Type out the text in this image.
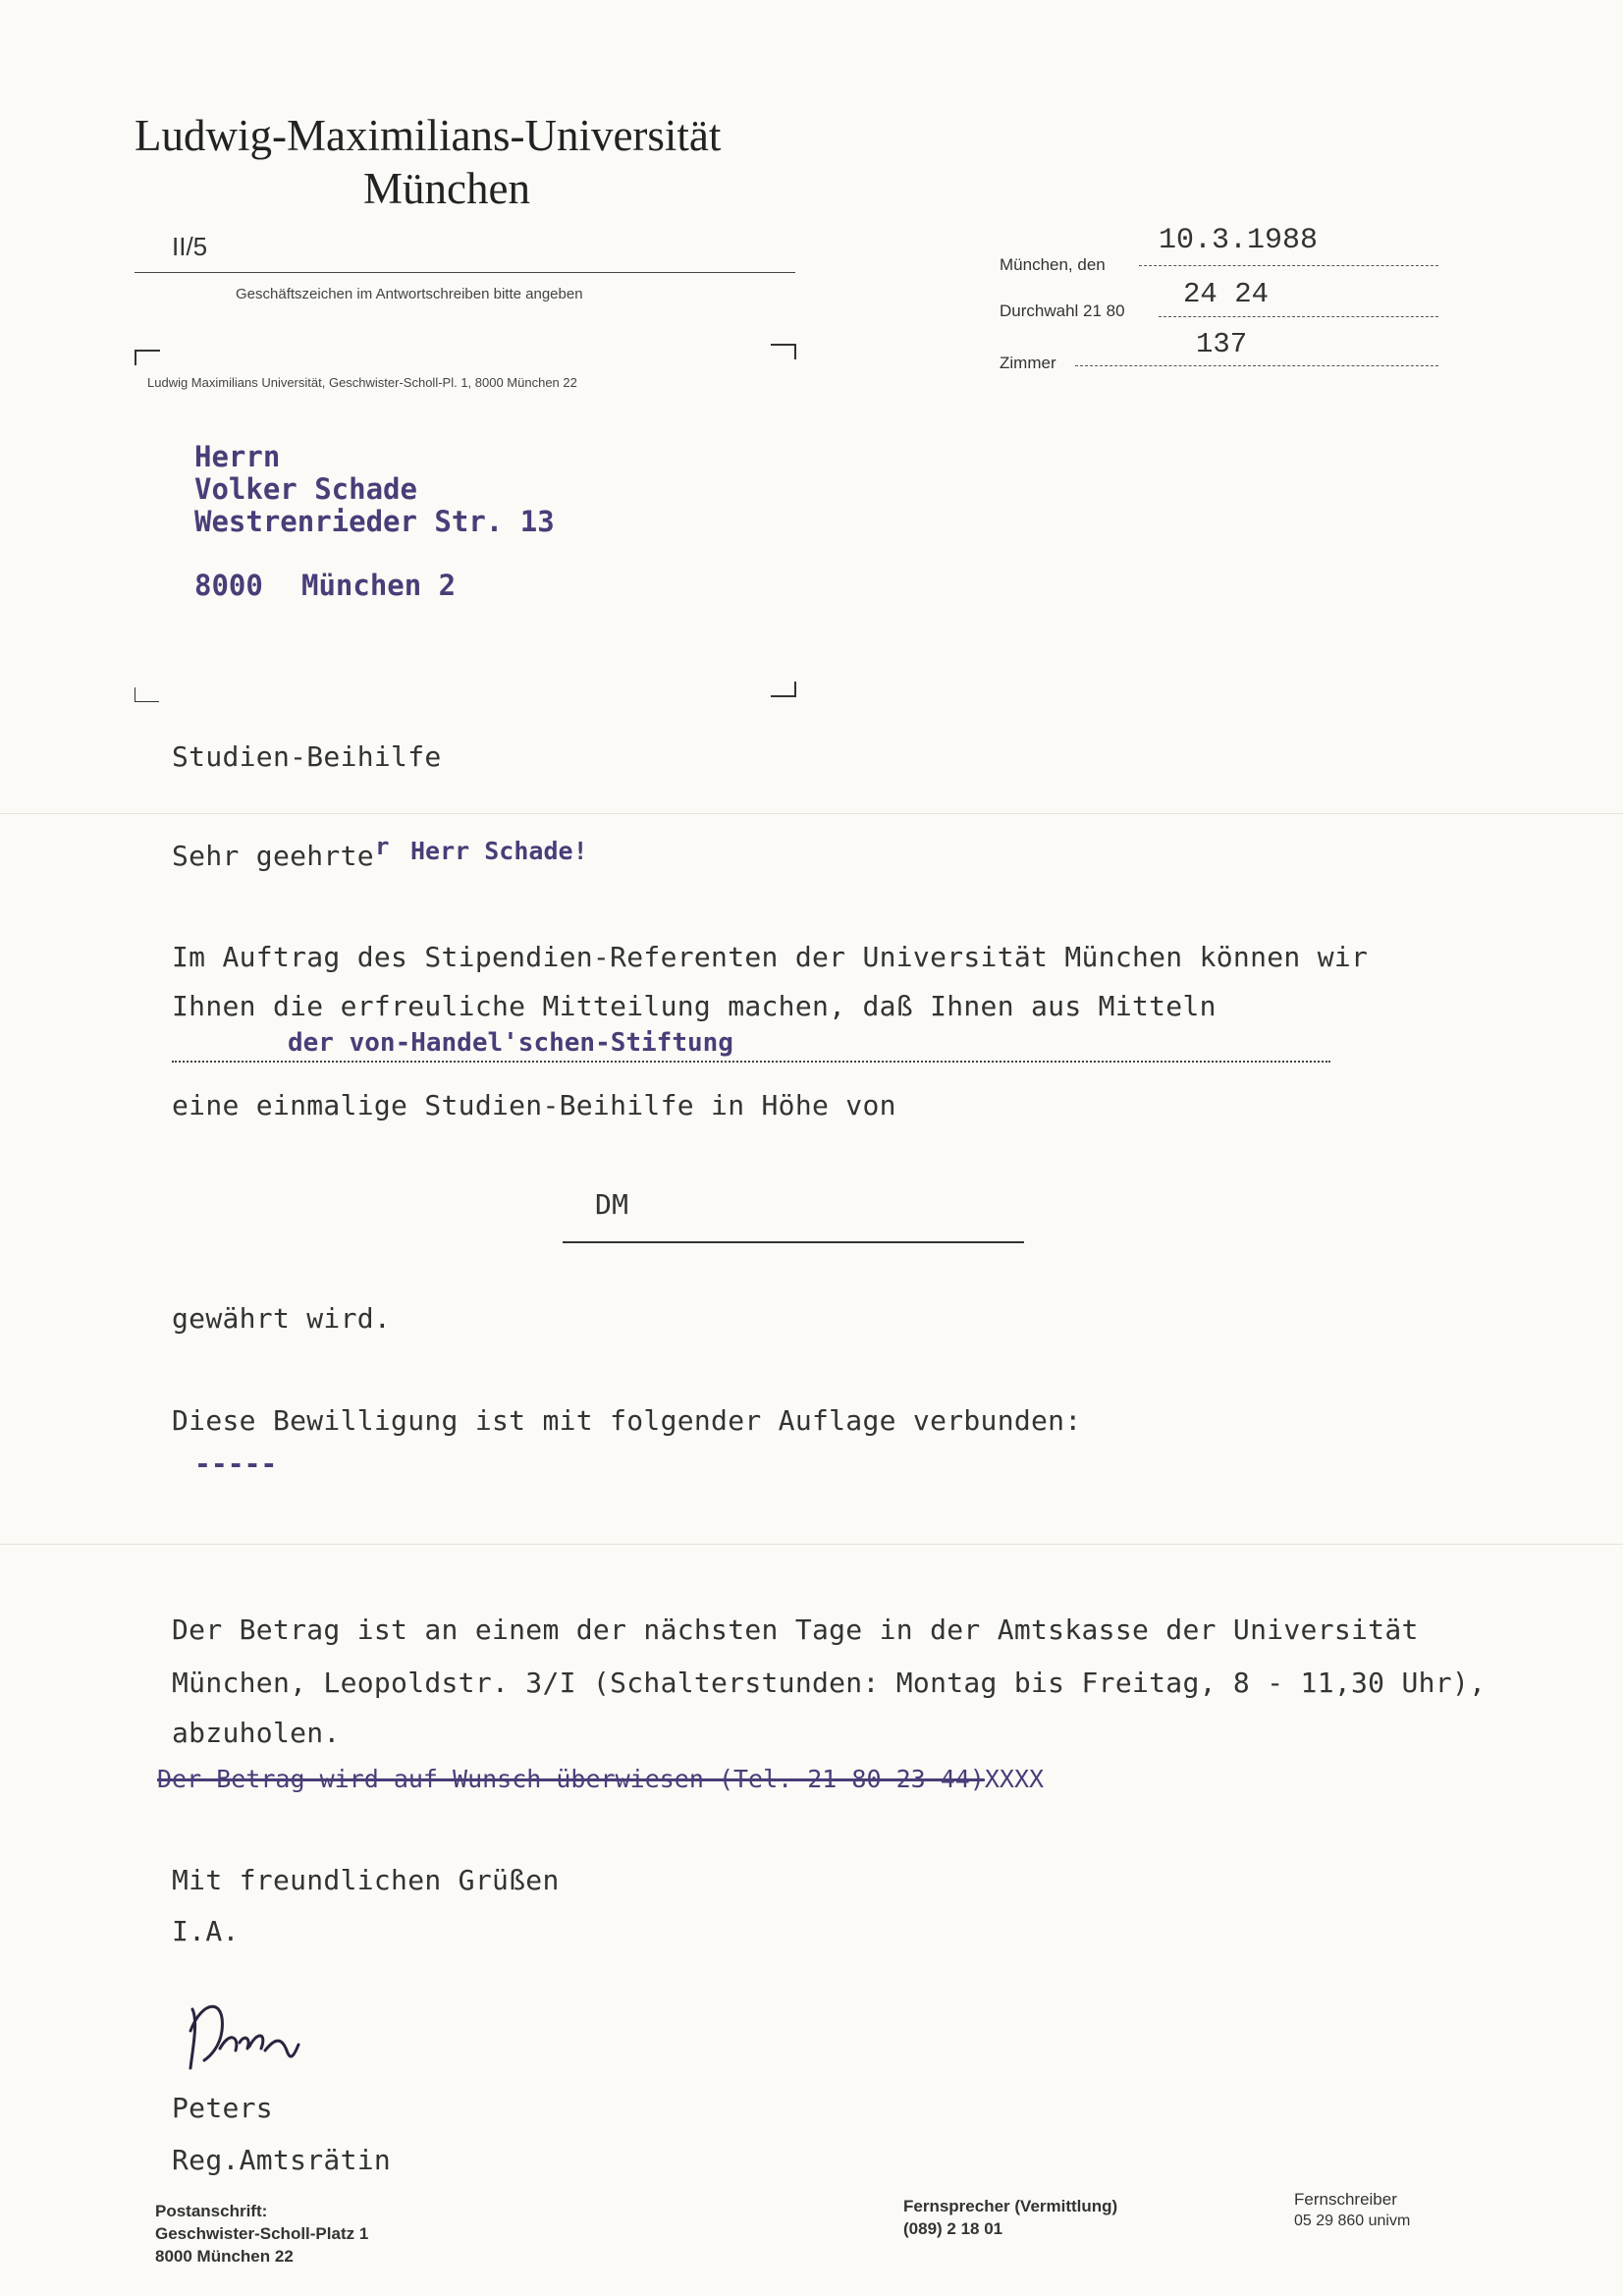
Ludwig-Maximilians-Universität
München
II/5
Geschäftszeichen im Antwortschreiben bitte angeben
Ludwig Maximilians Universität, Geschwister-Scholl-Pl. 1, 8000 München 22
München, den
10.3.1988
Durchwahl 21 80
24 24
Zimmer
137
Herrn
Volker Schade
Westrenrieder Str. 13
8000 München 2
Studien-Beihilfe
Sehr geehrte r Herr Schade!
Im Auftrag des Stipendien-Referenten der Universität München können wir
Ihnen die erfreuliche Mitteilung machen, daß Ihnen aus Mitteln
der von-Handel'schen-Stiftung
eine einmalige Studien-Beihilfe in Höhe von
DM
gewährt wird.
Diese Bewilligung ist mit folgender Auflage verbunden:
-----
Der Betrag ist an einem der nächsten Tage in der Amtskasse der Universität
München, Leopoldstr. 3/I (Schalterstunden: Montag bis Freitag, 8 - 11,30 Uhr),
abzuholen.
Der Betrag wird auf Wunsch überwiesen (Tel. 21 80 23 44)XXXX
Mit freundlichen Grüßen
I.A.
Peters
Reg.Amtsrätin
Postanschrift:
Geschwister-Scholl-Platz 1
8000 München 22
Fernsprecher (Vermittlung)
(089) 2 18 01
Fernschreiber
05 29 860 univm
